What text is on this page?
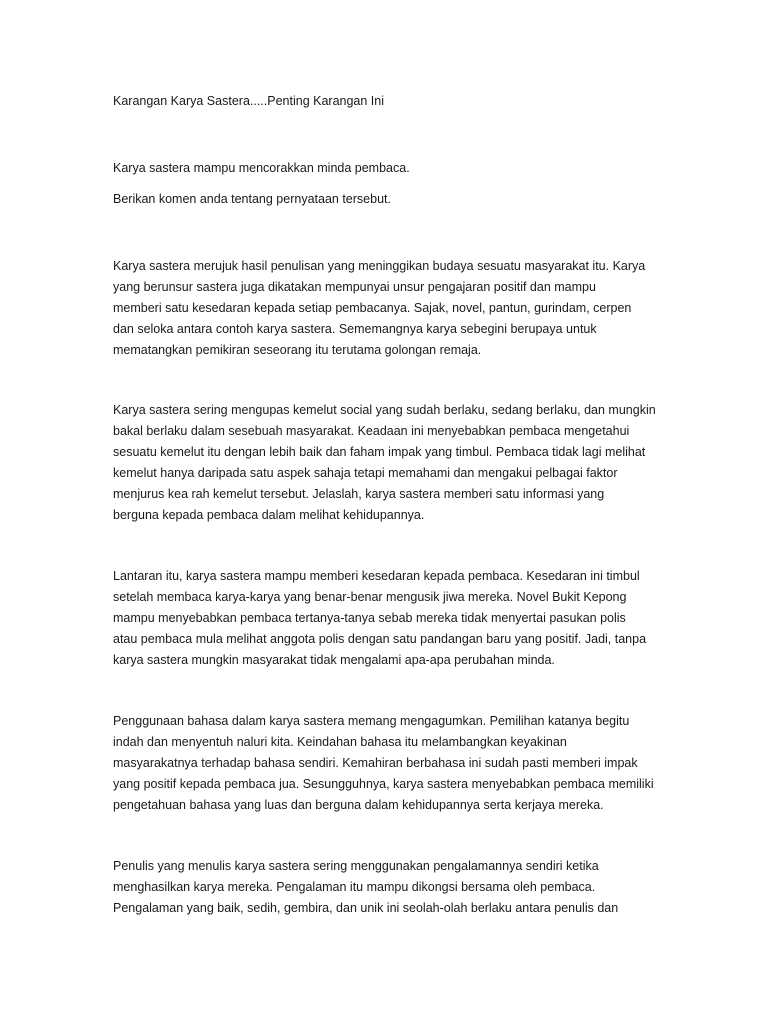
Karangan Karya Sastera.....Penting Karangan Ini

Karya sastera mampu mencorakkan minda pembaca.

Berikan komen anda tentang pernyataan tersebut.

Karya sastera merujuk hasil penulisan yang meninggikan budaya sesuatu masyarakat itu. Karya
yang berunsur sastera juga dikatakan mempunyai unsur pengajaran positif dan mampu
memberi satu kesedaran kepada setiap pembacanya. Sajak, novel, pantun, gurindam, cerpen
dan seloka antara contoh karya sastera. Sememangnya karya sebegini berupaya untuk
mematangkan pemikiran seseorang itu terutama golongan remaja.
Karya sastera sering mengupas kemelut social yang sudah berlaku, sedang berlaku, dan mungkin
bakal berlaku dalam sesebuah masyarakat. Keadaan ini menyebabkan pembaca mengetahui
sesuatu kemelut itu dengan lebih baik dan faham impak yang timbul. Pembaca tidak lagi melihat
kemelut hanya daripada satu aspek sahaja tetapi memahami dan mengakui pelbagai faktor
menjurus kea rah kemelut tersebut. Jelaslah, karya sastera memberi satu informasi yang
berguna kepada pembaca dalam melihat kehidupannya.
Lantaran itu, karya sastera mampu memberi kesedaran kepada pembaca. Kesedaran ini timbul
setelah membaca karya-karya yang benar-benar mengusik jiwa mereka. Novel Bukit Kepong
mampu menyebabkan pembaca tertanya-tanya sebab mereka tidak menyertai pasukan polis
atau pembaca mula melihat anggota polis dengan satu pandangan baru yang positif. Jadi, tanpa
karya sastera mungkin masyarakat tidak mengalami apa-apa perubahan minda.
Penggunaan bahasa dalam karya sastera memang mengagumkan. Pemilihan katanya begitu
indah dan menyentuh naluri kita. Keindahan bahasa itu melambangkan keyakinan
masyarakatnya terhadap bahasa sendiri. Kemahiran berbahasa ini sudah pasti memberi impak
yang positif kepada pembaca jua. Sesungguhnya, karya sastera menyebabkan pembaca memiliki
pengetahuan bahasa yang luas dan berguna dalam kehidupannya serta kerjaya mereka.
Penulis yang menulis karya sastera sering menggunakan pengalamannya sendiri ketika
menghasilkan karya mereka. Pengalaman itu mampu dikongsi bersama oleh pembaca.
Pengalaman yang baik, sedih, gembira, dan unik ini seolah-olah berlaku antara penulis dan
